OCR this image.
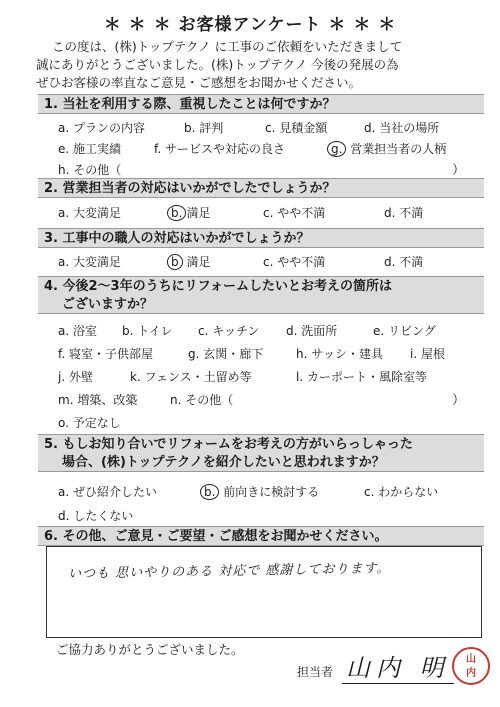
＊ ＊ ＊ お客様アンケート ＊ ＊ ＊
この度は、(株)トップテクノ に工事のご依頼をいただきまして
誠にありがとうございました。(株)トップテクノ 今後の発展の為
ぜひお客様の率直なご意見・ご感想をお聞かせください。
1. 当社を利用する際、重視したことは何ですか？
a. プランの内容	b. 評判	c. 見積金額	d. 当社の場所
e. 施工実績	f. サービスや対応の良さ	g. 営業担当者の人柄
h. その他（	）
2. 営業担当者の対応はいかがでしたでしょうか？
a. 大変満足	b. 満足	c. やや不満	d. 不満
3. 工事中の職人の対応はいかがでしょうか？
a. 大変満足	b 満足	c. やや不満	d. 不満
4. 今後2〜3年のうちにリフォームしたいとお考えの箇所は
ございますか？
a. 浴室 b. トイレ c. キッチン d. 洗面所	e. リビング
f. 寝室・子供部屋	g. 玄関・廊下	h. サッシ・建具 i. 屋根
j. 外壁	k. フェンス・土留め等	l. カーポート・風除室等
m. 増築、改築	n. その他（	）
o. 予定なし
5. もしお知り合いでリフォームをお考えの方がいらっしゃった
場合、(株)トップテクノを紹介したいと思われますか？
a. ぜひ紹介したい	b. 前向きに検討する	c. わからない
d. したくない
6. その他、ご意見・ご要望・ご感想をお聞かせください。
いつも 思いやりのある 対応で 感謝しております。
ご協力ありがとうございました。
担当者 山内 明	山
内
